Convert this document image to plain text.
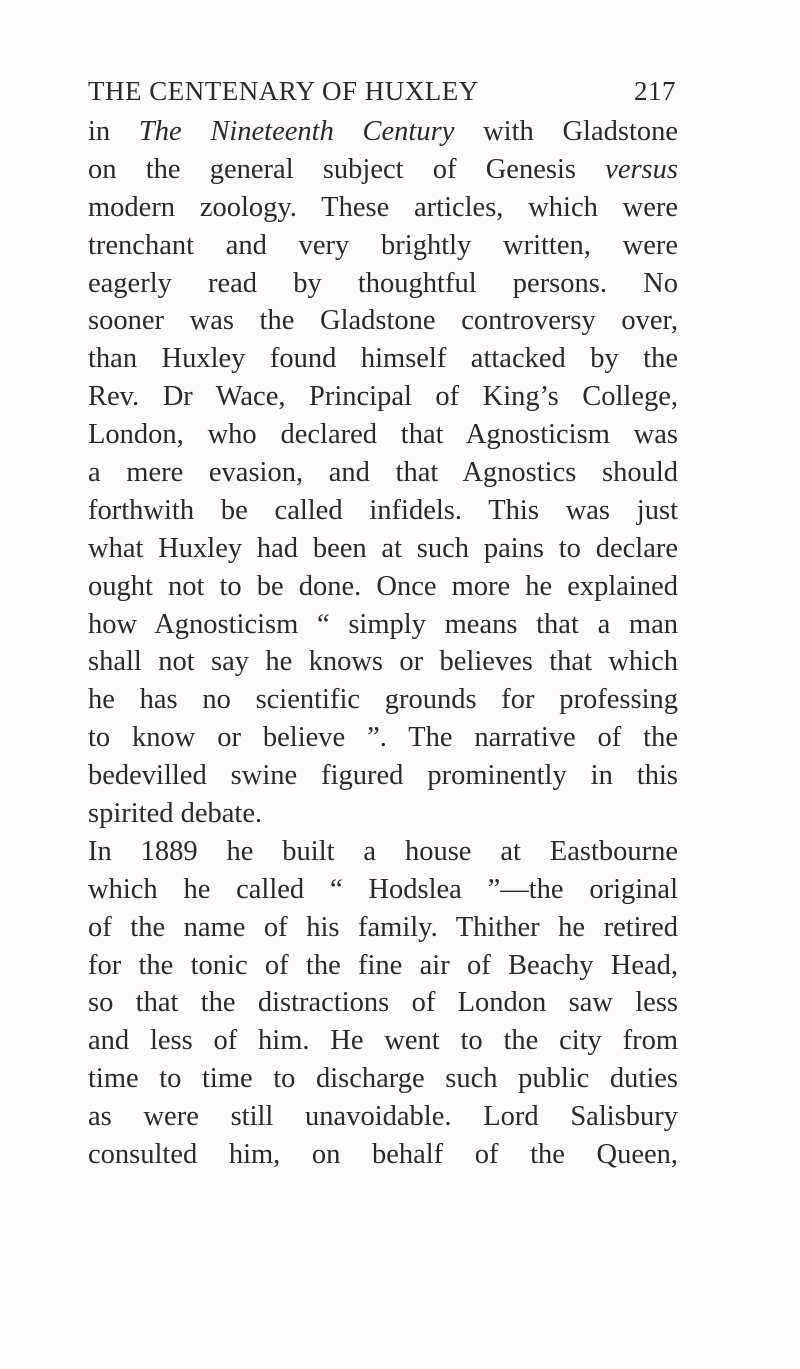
THE CENTENARY OF HUXLEY	217
in The Nineteenth Century with Gladstone
on the general subject of Genesis versus
modern zoology. These articles, which were
trenchant and very brightly written, were
eagerly read by thoughtful persons. No
sooner was the Gladstone controversy over,
than Huxley found himself attacked by the
Rev. Dr Wace, Principal of King’s College,
London, who declared that Agnosticism was
a mere evasion, and that Agnostics should
forthwith be called infidels. This was just
what Huxley had been at such pains to declare
ought not to be done. Once more he explained
how Agnosticism “ simply means that a man
shall not say he knows or believes that which
he has no scientific grounds for professing
to know or believe ”. The narrative of the
bedevilled swine figured prominently in this
spirited debate.
In 1889 he built a house at Eastbourne
which he called “ Hodslea ”—the original
of the name of his family. Thither he retired
for the tonic of the fine air of Beachy Head,
so that the distractions of London saw less
and less of him. He went to the city from
time to time to discharge such public duties
as were still unavoidable. Lord Salisbury
consulted him, on behalf of the Queen,
